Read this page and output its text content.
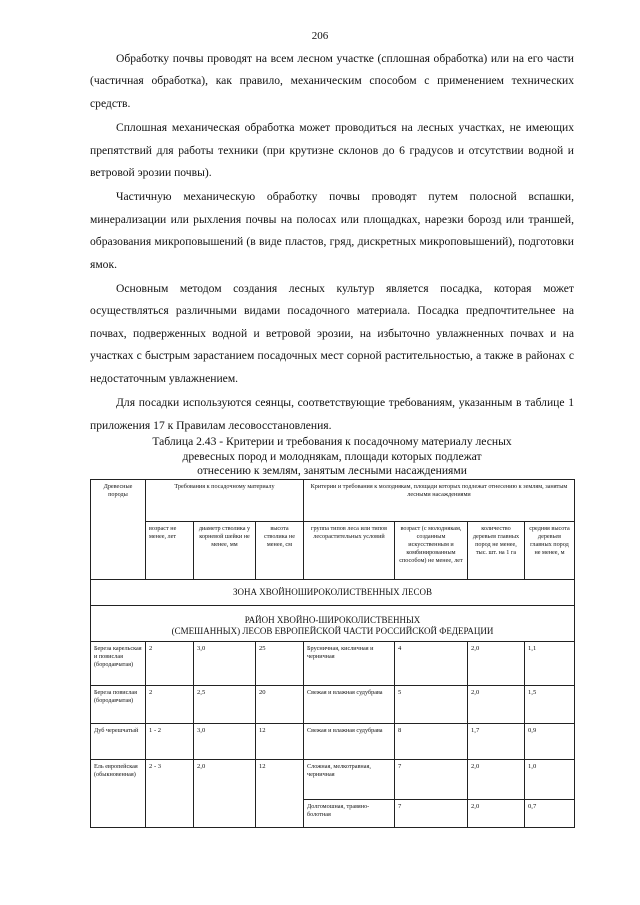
206

Обработку почвы проводят на всем лесном участке (сплошная обработка) или на его части (частичная обработка), как правило, механическим способом с применением технических средств.

Сплошная механическая обработка может проводиться на лесных участках, не имеющих препятствий для работы техники (при крутизне склонов до 6 градусов и отсутствии водной и ветровой эрозии почвы).

Частичную механическую обработку почвы проводят путем полосной вспашки, минерализации или рыхления почвы на полосах или площадках, нарезки борозд или траншей, образования микроповышений (в виде пластов, гряд, дискретных микроповышений), подготовки ямок.

Основным методом создания лесных культур является посадка, которая может осуществляться различными видами посадочного материала. Посадка предпочтительнее на почвах, подверженных водной и ветровой эрозии, на избыточно увлажненных почвах и на участках с быстрым зарастанием посадочных мест сорной растительностью, а также в районах с недостаточным увлажнением.

Для посадки используются сеянцы, соответствующие требованиям, указанным в таблице 1 приложения 17 к Правилам лесовосстановления.

Таблица 2.43 - Критерии и требования к посадочному материалу лесных
древесных пород и молоднякам, площади которых подлежат
отнесению к землям, занятым лесными насаждениями
Древесные породы	Требования к посадочному материалу			Критерии и требования к молоднякам, площади которых подлежат отнесению к землям, занятым лесными насаждениями			
	возраст не менее, лет	диаметр стволика у корневой шейки не менее, мм	высота стволика не менее, см	группа типов леса или типов лесорастительных условий	возраст (с молоднякам, созданным искусственным и комбинированным способом) не менее, лет	количество деревьев главных пород не менее, тыс. шт. на 1 га	средняя высота деревьев главных пород не менее, м
ЗОНА ХВОЙНОШИРОКОЛИСТВЕННЫХ ЛЕСОВ							

РАЙОН ХВОЙНО-ШИРОКОЛИСТВЕННЫХ
(СМЕШАННЫХ) ЛЕСОВ ЕВРОПЕЙСКОЙ ЧАСТИ РОССИЙСКОЙ ФЕДЕРАЦИИ							

Береза карельская и повислая (бородавчатая)	2	3,0	25	Брусничная, кисличная и черничная	4	2,0	1,1
Береза повислая (бородавчатая)	2	2,5	20	Свежая и влажная судубрава	5	2,0	1,5
Дуб черешчатый	1 - 2	3,0	12	Свежая и влажная судубрава	8	1,7	0,9
Ель европейская (обыкновенная)	2 - 3	2,0	12	Сложная, мелкотравная, черничная	7	2,0	1,0
				Долгомошная, травяно-болотная	7	2,0	0,7
